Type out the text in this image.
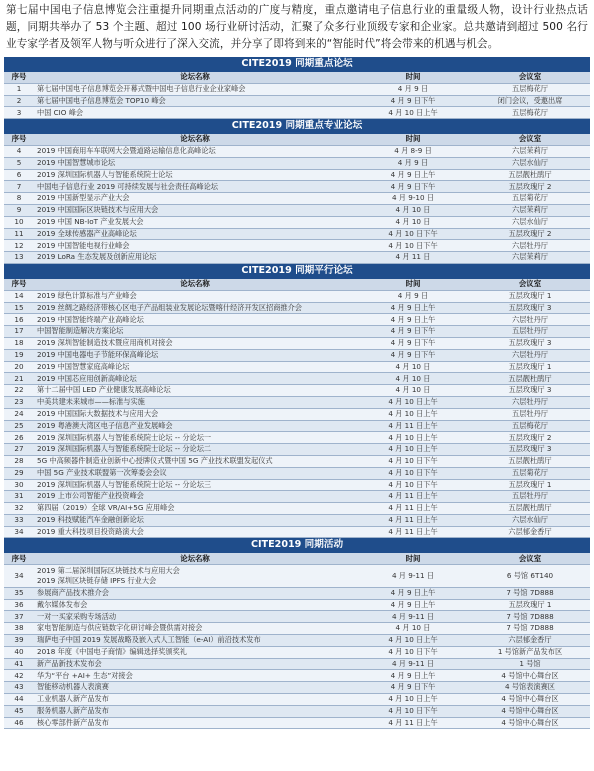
第七届中国电子信息博览会注重提升同期重点活动的广度与精度，重点邀请电子信息行业的重量级人物，设计行业热点话题，同期共举办了 53 个主题、超过 100 场行业研讨活动，汇聚了众多行业顶级专家和企业家。总共邀请到超过 500 名行业专家学者及领军人物与听众进行了深入交流，并分享了即将到来的“智能时代”将会带来的机遇与机会。
CITE2019 同期重点论坛			
序号	论坛名称	时间	会议室
1	第七届中国电子信息博览会开幕式暨中国电子信息行业企业家峰会	4 月 9 日	五层梅花厅
2	第七届中国电子信息博览会 TOP10 峰会	4 月 9 日下午	闭门会议，受邀出席
3	中国 CIO 峰会	4 月 10 日上午	五层梅花厅
CITE2019 同期重点专业论坛			
序号	论坛名称	时间	会议室
4	2019 中国商用车车联网大会暨道路运输信息化高峰论坛	4 月 8-9 日	六层茉莉厅
5	2019 中国智慧城市论坛	4 月 9 日	六层水仙厅
6	2019 深圳国际机器人与智能系统院士论坛	4 月 9 日上午	五层靓杜鹃厅
7	中国电子信息行业 2019 可持续发展与社会责任高峰论坛	4 月 9 日下午	五层玫瑰厅 2
8	2019 中国新型显示产业大会	4 月 9-10 日	五层菊花厅
9	2019 中国国际区块链技术与应用大会	4 月 10 日	六层茉莉厅
10	2019 中国 NB-IoT 产业发展大会	4 月 10 日	六层水仙厅
11	2019 全球传感器产业高峰论坛	4 月 10 日下午	五层玫瑰厅 2
12	2019 中国智能电视行业峰会	4 月 10 日下午	六层牡丹厅
13	2019 LoRa 生态发展及创新应用论坛	4 月 11 日	六层茉莉厅
CITE2019 同期平行论坛			
序号	论坛名称	时间	会议室
14	2019 绿色计算标准与产业峰会	4 月 9 日	五层玫瑰厅 1
15	2019 丝绸之路经济带核心区电子产品组装业发展论坛暨喀什经济开发区招商推介会	4 月 9 日上午	五层玫瑰厅 3
16	2019 中国智能终端产业高峰论坛	4 月 9 日上午	六层牡丹厅
17	中国智能制造解决方案论坛	4 月 9 日下午	五层牡丹厅
18	2019 深圳智能制造技术暨应用商机对接会	4 月 9 日下午	五层玫瑰厅 3
19	2019 中国电器电子节能环保高峰论坛	4 月 9 日下午	六层牡丹厅
20	2019 中国智慧家庭高峰论坛	4 月 10 日	五层玫瑰厅 1
21	2019 中国芯应用创新高峰论坛	4 月 10 日	五层靓杜鹃厅
22	第十二届中国 LED 产业健康发展高峰论坛	4 月 10 日	五层玫瑰厅 3
23	中美共建未来城市——标准与实施	4 月 10 日上午	六层牡丹厅
24	2019 中国国际大数据技术与应用大会	4 月 10 日上午	五层牡丹厅
25	2019 粤港澳大湾区电子信息产业发展峰会	4 月 11 日上午	五层梅花厅
26	2019 深圳国际机器人与智能系统院士论坛 -- 分论坛一	4 月 10 日上午	五层玫瑰厅 2
27	2019 深圳国际机器人与智能系统院士论坛 -- 分论坛二	4 月 10 日上午	五层玫瑰厅 3
28	5G 中高频器件制造业创新中心授牌仪式暨中国 5G 产业技术联盟发起仪式	4 月 10 日下午	五层靓杜鹃厅
29	中国 5G 产业技术联盟第一次筹委会会议	4 月 10 日下午	五层菊花厅
30	2019 深圳国际机器人与智能系统院士论坛 -- 分论坛三	4 月 10 日下午	五层玫瑰厅 1
31	2019 上市公司智能产业投资峰会	4 月 11 日上午	五层牡丹厅
32	第四届（2019）全球 VR/AI+5G 应用峰会	4 月 11 日上午	五层靓杜鹃厅
33	2019 科技赋能汽车金融创新论坛	4 月 11 日上午	六层水仙厅
34	2019 重大科技项目投资路演大会	4 月 11 日上午	六层郁金香厅
CITE2019 同期活动			
序号	论坛名称	时间	会议室
34	2019 第二届深圳国际区块链技术与应用大会
2019 深圳区块链存储 IPFS 行业大会	4 月 9-11 日	6 号馆 6T140
35	参展商产品技术推介会	4 月 9 日上午	7 号馆 7D888
36	戴尔媒体发布会	4 月 9 日上午	五层玫瑰厅 1
37	一对一买家采购专场活动	4 月 9-11 日	7 号馆 7D888
38	家电智能制造与供应链数字化研讨峰会暨供需对接会	4 月 10 日	7 号馆 7D888
39	瑞萨电子中国 2019 发展战略及嵌入式人工智能（e-AI）前沿技术发布	4 月 10 日上午	六层郁金香厅
40	2018 年度《中国电子商情》编辑选择奖颁奖礼	4 月 10 日下午	1 号馆新产品发布区
41	新产品新技术发布会	4 月 9-11 日	1 号馆
42	华为“平台 +AI+ 生态”对接会	4 月 9 日上午	4 号馆中心舞台区
43	智能移动机器人表演赛	4 月 9 日下午	4 号馆表演赛区
44	工业机器人新产品发布	4 月 10 日上午	4 号馆中心舞台区
45	服务机器人新产品发布	4 月 10 日下午	4 号馆中心舞台区
46	核心零部件新产品发布	4 月 11 日上午	4 号馆中心舞台区
